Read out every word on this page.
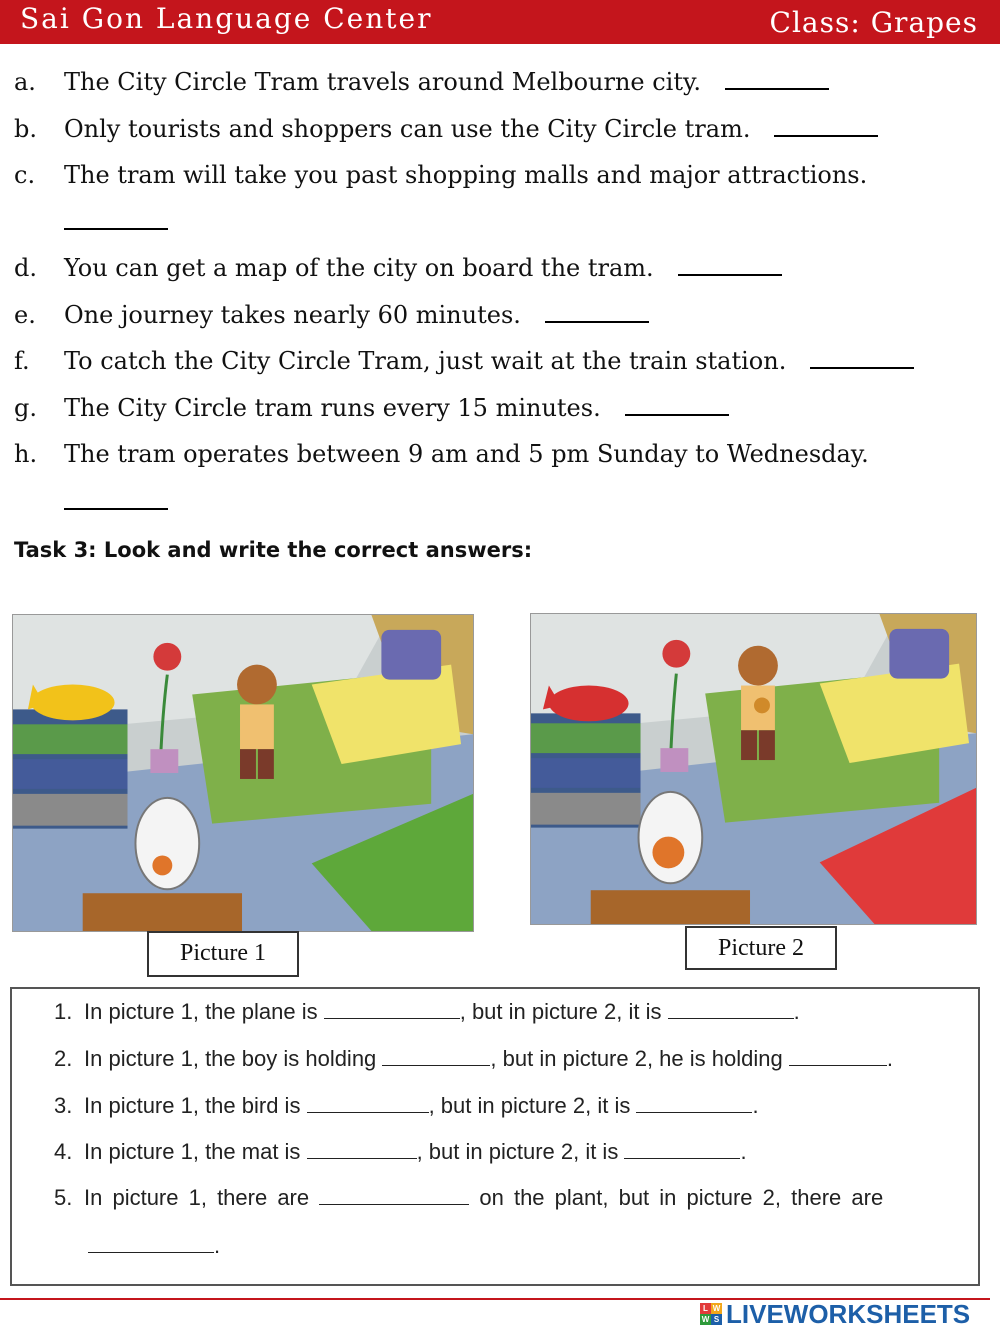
Sai Gon Language Center	Class: Grapes
a.	The City Circle Tram travels around Melbourne city.
b.	Only tourists and shoppers can use the City Circle tram.
c.	The tram will take you past shopping malls and major attractions.
d.	You can get a map of the city on board the tram.
e.	One journey takes nearly 60 minutes.
f.	To catch the City Circle Tram, just wait at the train station.
g.	The City Circle tram runs every 15 minutes.
h.	The tram operates between 9 am and 5 pm Sunday to Wednesday.
Task 3: Look and write the correct answers:
Picture 1	Picture 2
1. In picture 1, the plane is	, but in picture 2, it is	.
2. In picture 1, the boy is holding	, but in picture 2, he is holding	.
3. In picture 1, the bird is	, but in picture 2, it is	.
4. In picture 1, the mat is	, but in picture 2, it is	.
5. In picture 1, there are	on the plant, but in picture 2, there are
.
L W
W S LIVEWORKSHEETS
